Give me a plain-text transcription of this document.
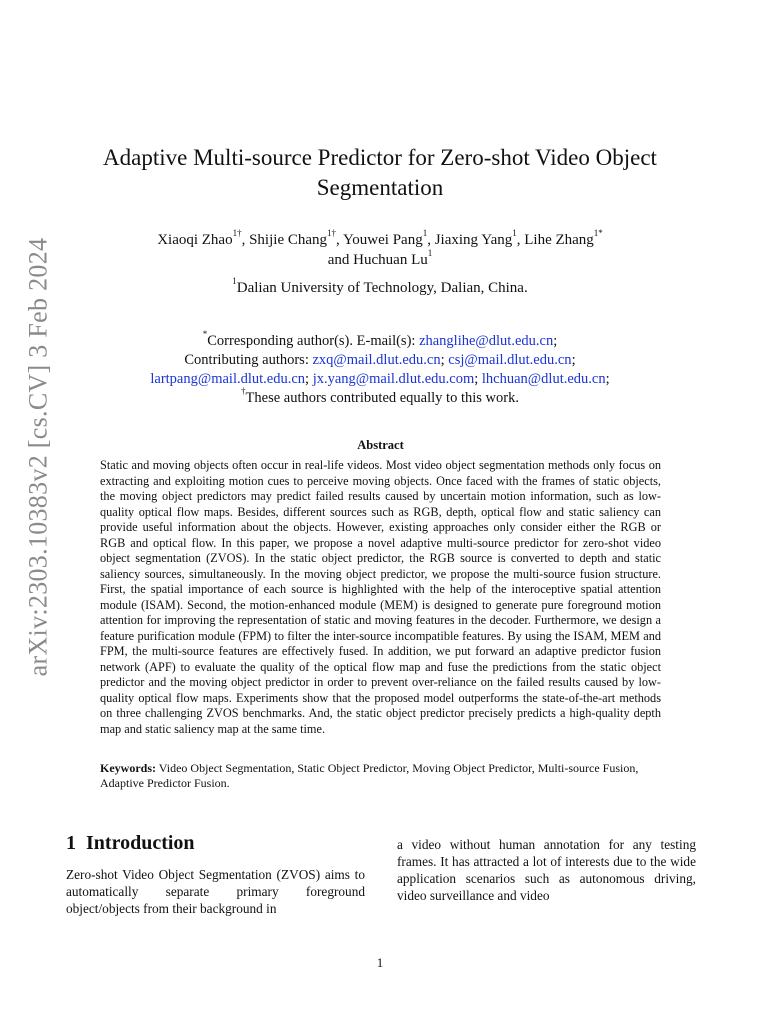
arXiv:2303.10383v2 [cs.CV] 3 Feb 2024
Adaptive Multi-source Predictor for Zero-shot Video Object Segmentation
Xiaoqi Zhao$^{1\dagger}$, Shijie Chang$^{1\dagger}$, Youwei Pang$^1$, Jiaxing Yang$^1$, Lihe Zhang$^{1*}$
and Huchuan Lu$^1$
$^1$Dalian University of Technology, Dalian, China.
*Corresponding author(s). E-mail(s): zhanglihe@dlut.edu.cn;
Contributing authors: zxq@mail.dlut.edu.cn; csj@mail.dlut.edu.cn;
lartpang@mail.dlut.edu.cn; jx.yang@mail.dlut.edu.com; lhchuan@dlut.edu.cn;
†These authors contributed equally to this work.
Abstract
Static and moving objects often occur in real-life videos. Most video object segmentation methods only focus on extracting and exploiting motion cues to perceive moving objects. Once faced with the frames of static objects, the moving object predictors may predict failed results caused by uncertain motion information, such as low-quality optical flow maps. Besides, different sources such as RGB, depth, optical flow and static saliency can provide useful information about the objects. However, existing approaches only consider either the RGB or RGB and optical flow. In this paper, we propose a novel adaptive multi-source predictor for zero-shot video object segmentation (ZVOS). In the static object predictor, the RGB source is converted to depth and static saliency sources, simultaneously. In the moving object predictor, we propose the multi-source fusion structure. First, the spatial importance of each source is highlighted with the help of the interoceptive spatial attention module (ISAM). Second, the motion-enhanced module (MEM) is designed to generate pure foreground motion attention for improving the representation of static and moving features in the decoder. Furthermore, we design a feature purification module (FPM) to filter the inter-source incompatible features. By using the ISAM, MEM and FPM, the multi-source features are effectively fused. In addition, we put forward an adaptive predictor fusion network (APF) to evaluate the quality of the optical flow map and fuse the predictions from the static object predictor and the moving object predictor in order to prevent over-reliance on the failed results caused by low-quality optical flow maps. Experiments show that the proposed model outperforms the state-of-the-art methods on three challenging ZVOS benchmarks. And, the static object predictor precisely predicts a high-quality depth map and static saliency map at the same time.
Keywords: Video Object Segmentation, Static Object Predictor, Moving Object Predictor, Multi-source Fusion, Adaptive Predictor Fusion.
1 Introduction
Zero-shot Video Object Segmentation (ZVOS) aims to automatically separate primary foreground object/objects from their background in
a video without human annotation for any testing frames. It has attracted a lot of interests due to the wide application scenarios such as autonomous driving, video surveillance and video
1
